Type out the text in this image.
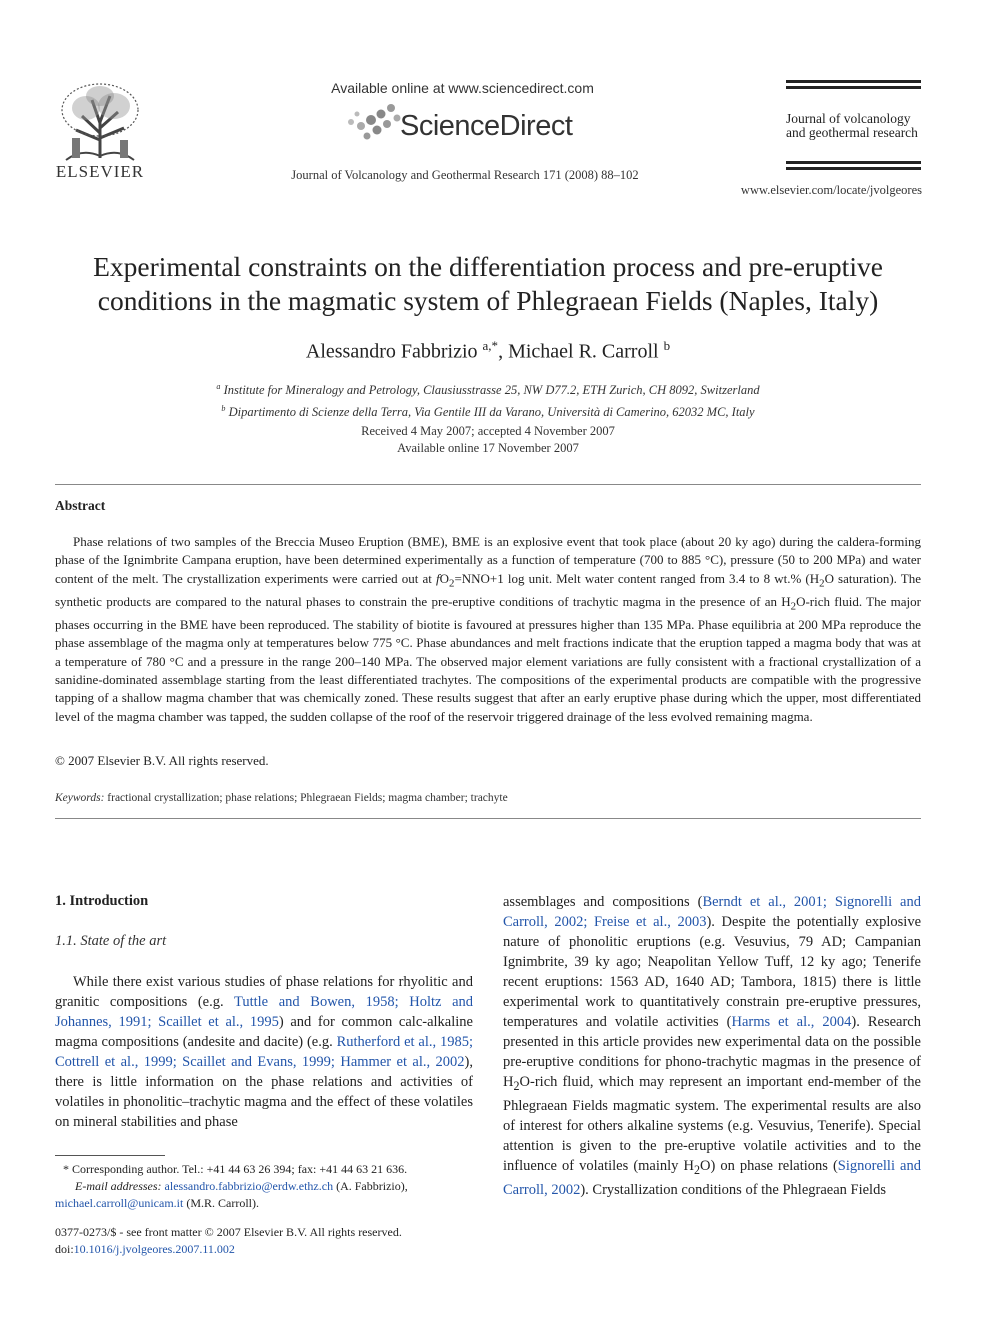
ELSEVIER
Available online at www.sciencedirect.com
ScienceDirect
Journal of Volcanology and Geothermal Research 171 (2008) 88–102
Journal of volcanology
and geothermal research
www.elsevier.com/locate/jvolgeores
Experimental constraints on the differentiation process and pre-eruptive
conditions in the magmatic system of Phlegraean Fields (Naples, Italy)
Alessandro Fabbrizio $^{a,*}$, Michael R. Carroll $^b$
$^a$ Institute for Mineralogy and Petrology, Clausiusstrasse 25, NW D77.2, ETH Zurich, CH 8092, Switzerland
$^b$ Dipartimento di Scienze della Terra, Via Gentile III da Varano, Università di Camerino, 62032 MC, Italy
Received 4 May 2007; accepted 4 November 2007
Available online 17 November 2007
Abstract
Phase relations of two samples of the Breccia Museo Eruption (BME), BME is an explosive event that took place (about 20 ky ago) during the caldera-forming phase of the Ignimbrite Campana eruption, have been determined experimentally as a function of temperature (700 to 885 °C), pressure (50 to 200 MPa) and water content of the melt. The crystallization experiments were carried out at $fO_2=NNO+1$ log unit. Melt water content ranged from 3.4 to 8 wt.% ($H_2O$ saturation). The synthetic products are compared to the natural phases to constrain the pre-eruptive conditions of trachytic magma in the presence of an $H_2O$-rich fluid. The major phases occurring in the BME have been reproduced. The stability of biotite is favoured at pressures higher than 135 MPa. Phase equilibria at 200 MPa reproduce the phase assemblage of the magma only at temperatures below 775 °C. Phase abundances and melt fractions indicate that the eruption tapped a magma body that was at a temperature of 780 °C and a pressure in the range 200–140 MPa. The observed major element variations are fully consistent with a fractional crystallization of a sanidine-dominated assemblage starting from the least differentiated trachytes. The compositions of the experimental products are compatible with the progressive tapping of a shallow magma chamber that was chemically zoned. These results suggest that after an early eruptive phase during which the upper, most differentiated level of the magma chamber was tapped, the sudden collapse of the roof of the reservoir triggered drainage of the less evolved remaining magma.
© 2007 Elsevier B.V. All rights reserved.
Keywords: fractional crystallization; phase relations; Phlegraean Fields; magma chamber; trachyte
1. Introduction
1.1. State of the art
While there exist various studies of phase relations for rhyolitic and granitic compositions (e.g. Tuttle and Bowen, 1958; Holtz and Johannes, 1991; Scaillet et al., 1995) and for common calc-alkaline magma compositions (andesite and dacite) (e.g. Rutherford et al., 1985; Cottrell et al., 1999; Scaillet and Evans, 1999; Hammer et al., 2002), there is little information on the phase relations and activities of volatiles in phonolitic–trachytic magma and the effect of these volatiles on mineral stabilities and phase
assemblages and compositions (Berndt et al., 2001; Signorelli and Carroll, 2002; Freise et al., 2003). Despite the potentially explosive nature of phonolitic eruptions (e.g. Vesuvius, 79 AD; Campanian Ignimbrite, 39 ky ago; Neapolitan Yellow Tuff, 12 ky ago; Tenerife recent eruptions: 1563 AD, 1640 AD; Tambora, 1815) there is little experimental work to quantitatively constrain pre-eruptive pressures, temperatures and volatile activities (Harms et al., 2004). Research presented in this article provides new experimental data on the possible pre-eruptive conditions for phono-trachytic magmas in the presence of $H_2O$-rich fluid, which may represent an important end-member of the Phlegraean Fields magmatic system. The experimental results are also of interest for others alkaline systems (e.g. Vesuvius, Tenerife). Special attention is given to the pre-eruptive volatile activities and to the influence of volatiles (mainly $H_2O$) on phase relations (Signorelli and Carroll, 2002). Crystallization conditions of the Phlegraean Fields
* Corresponding author. Tel.: +41 44 63 26 394; fax: +41 44 63 21 636.
E-mail addresses: alessandro.fabbrizio@erdw.ethz.ch (A. Fabbrizio),
michael.carroll@unicam.it (M.R. Carroll).
0377-0273/$ - see front matter © 2007 Elsevier B.V. All rights reserved.
doi:10.1016/j.jvolgeores.2007.11.002
